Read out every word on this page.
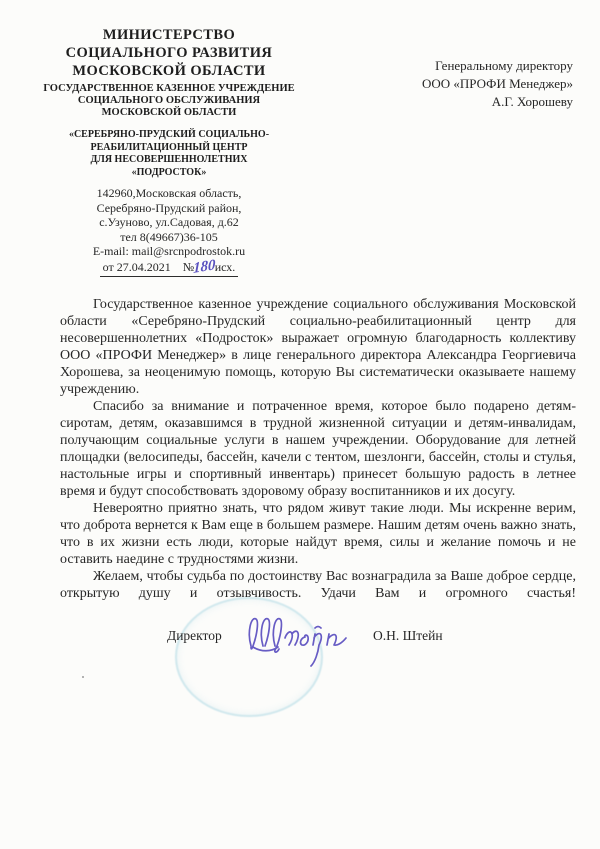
МИНИСТЕРСТВО
СОЦИАЛЬНОГО РАЗВИТИЯ
МОСКОВСКОЙ ОБЛАСТИ
ГОСУДАРСТВЕННОЕ КАЗЕННОЕ УЧРЕЖДЕНИЕ
СОЦИАЛЬНОГО ОБСЛУЖИВАНИЯ
МОСКОВСКОЙ ОБЛАСТИ
«СЕРЕБРЯНО-ПРУДСКИЙ СОЦИАЛЬНО-
РЕАБИЛИТАЦИОННЫЙ ЦЕНТР
ДЛЯ НЕСОВЕРШЕННОЛЕТНИХ
«ПОДРОСТОК»
142960,Московская область,
Серебряно-Прудский район,
с.Узуново, ул.Садовая, д.62
тел 8(49667)36-105
E-mail: mail@srcnpodrostok.ru
от 27.04.2021 №180исх.
Генеральному директору
ООО «ПРОФИ Менеджер»
А.Г. Хорошеву

Государственное казенное учреждение социального обслуживания Московской области «Серебряно-Прудский социально-реабилитационный центр для несовершеннолетних «Подросток» выражает огромную благодарность коллективу ООО «ПРОФИ Менеджер» в лице генерального директора Александра Георгиевича Хорошева, за неоценимую помощь, которую Вы систематически оказываете нашему учреждению.

Спасибо за внимание и потраченное время, которое было подарено детям-сиротам, детям, оказавшимся в трудной жизненной ситуации и детям-инвалидам, получающим социальные услуги в нашем учреждении. Оборудование для летней площадки (велосипеды, бассейн, качели с тентом, шезлонги, бассейн, столы и стулья, настольные игры и спортивный инвентарь) принесет большую радость в летнее время и будут способствовать здоровому образу воспитанников и их досугу.

Невероятно приятно знать, что рядом живут такие люди. Мы искренне верим, что доброта вернется к Вам еще в большем размере. Нашим детям очень важно знать, что в их жизни есть люди, которые найдут время, силы и желание помочь и не оставить наедине с трудностями жизни.

Желаем, чтобы судьба по достоинству Вас вознаградила за Ваше доброе сердце, открытую душу и отзывчивость. Удачи Вам и огромного счастья!

Директор	О.Н. Штейн
